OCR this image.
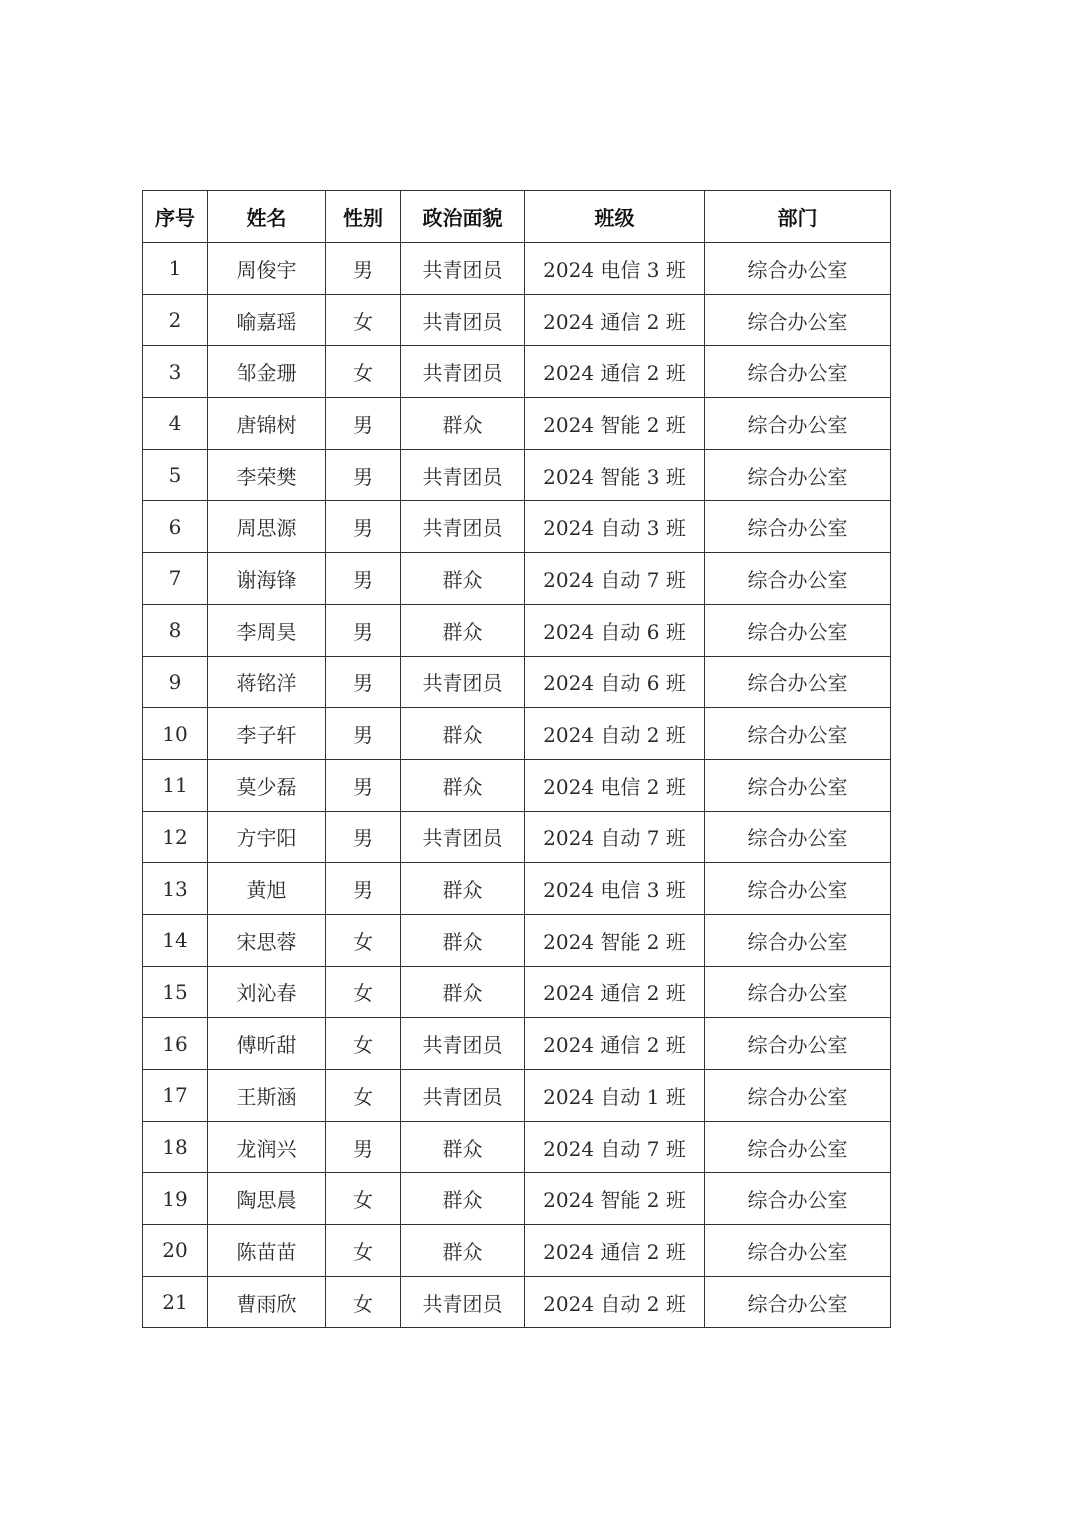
序号	姓名	性别	政治面貌	班级	部门
1	周俊宇	男	共青团员	2024 电信 3 班	综合办公室
2	喻嘉瑶	女	共青团员	2024 通信 2 班	综合办公室
3	邹金珊	女	共青团员	2024 通信 2 班	综合办公室
4	唐锦树	男	群众	2024 智能 2 班	综合办公室
5	李荣樊	男	共青团员	2024 智能 3 班	综合办公室
6	周思源	男	共青团员	2024 自动 3 班	综合办公室
7	谢海锋	男	群众	2024 自动 7 班	综合办公室
8	李周昊	男	群众	2024 自动 6 班	综合办公室
9	蒋铭洋	男	共青团员	2024 自动 6 班	综合办公室
10	李子轩	男	群众	2024 自动 2 班	综合办公室
11	莫少磊	男	群众	2024 电信 2 班	综合办公室
12	方宇阳	男	共青团员	2024 自动 7 班	综合办公室
13	黄旭	男	群众	2024 电信 3 班	综合办公室
14	宋思蓉	女	群众	2024 智能 2 班	综合办公室
15	刘沁春	女	群众	2024 通信 2 班	综合办公室
16	傅昕甜	女	共青团员	2024 通信 2 班	综合办公室
17	王斯涵	女	共青团员	2024 自动 1 班	综合办公室
18	龙润兴	男	群众	2024 自动 7 班	综合办公室
19	陶思晨	女	群众	2024 智能 2 班	综合办公室
20	陈苗苗	女	群众	2024 通信 2 班	综合办公室
21	曹雨欣	女	共青团员	2024 自动 2 班	综合办公室
